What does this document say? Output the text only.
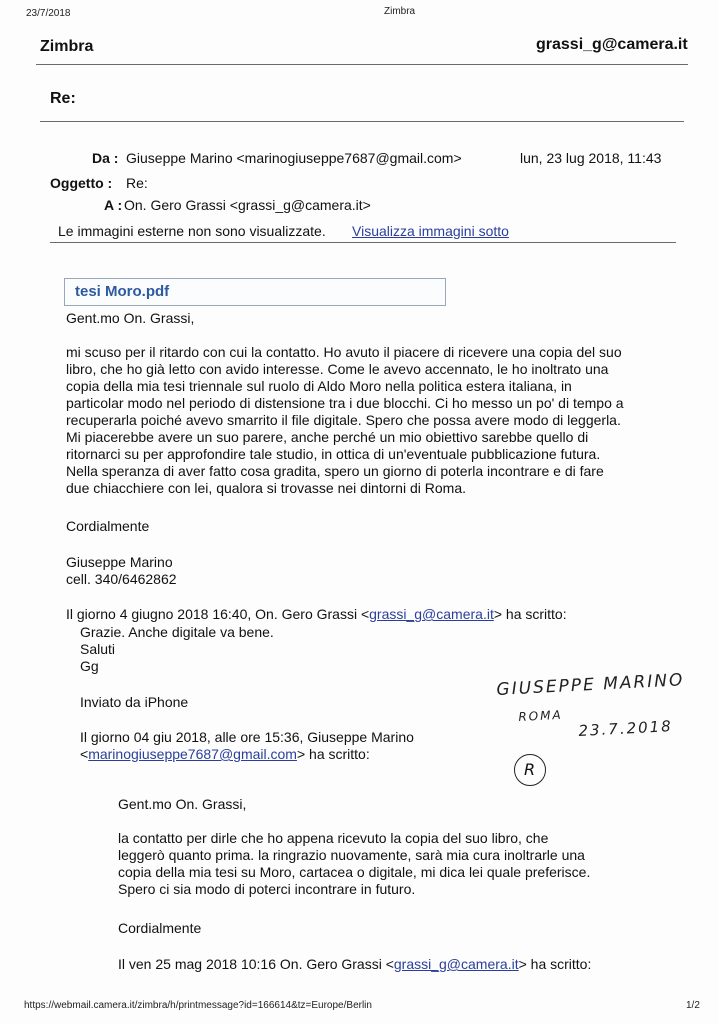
23/7/2018	Zimbra
Zimbra	grassi_g@camera.it
Re:
Da : Giuseppe Marino <marinogiuseppe7687@gmail.com>	lun, 23 lug 2018, 11:43
Oggetto : Re:
A : On. Gero Grassi <grassi_g@camera.it>
Le immagini esterne non sono visualizzate. Visualizza immagini sotto
tesi Moro.pdf
Gent.mo On. Grassi,
mi scuso per il ritardo con cui la contatto. Ho avuto il piacere di ricevere una copia del suo
libro, che ho già letto con avido interesse. Come le avevo accennato, le ho inoltrato una
copia della mia tesi triennale sul ruolo di Aldo Moro nella politica estera italiana, in
particolar modo nel periodo di distensione tra i due blocchi. Ci ho messo un po' di tempo a
recuperarla poiché avevo smarrito il file digitale. Spero che possa avere modo di leggerla.
Mi piacerebbe avere un suo parere, anche perché un mio obiettivo sarebbe quello di
ritornarci su per approfondire tale studio, in ottica di un'eventuale pubblicazione futura.
Nella speranza di aver fatto cosa gradita, spero un giorno di poterla incontrare e di fare
due chiacchiere con lei, qualora si trovasse nei dintorni di Roma.
Cordialmente
Giuseppe Marino
cell. 340/6462862
Il giorno 4 giugno 2018 16:40, On. Gero Grassi <grassi_g@camera.it> ha scritto:
Grazie. Anche digitale va bene.
Saluti
Gg
Inviato da iPhone
Il giorno 04 giu 2018, alle ore 15:36, Giuseppe Marino
<marinogiuseppe7687@gmail.com> ha scritto:
Gent.mo On. Grassi,
la contatto per dirle che ho appena ricevuto la copia del suo libro, che
leggerò quanto prima. la ringrazio nuovamente, sarà mia cura inoltrarle una
copia della mia tesi su Moro, cartacea o digitale, mi dica lei quale preferisce.
Spero ci sia modo di poterci incontrare in futuro.
Cordialmente
Il ven 25 mag 2018 10:16 On. Gero Grassi <grassi_g@camera.it> ha scritto:
GIUSEPPE MARINO
ROMA
23.7.2018
R
https://webmail.camera.it/zimbra/h/printmessage?id=166614&tz=Europe/Berlin	1/2
